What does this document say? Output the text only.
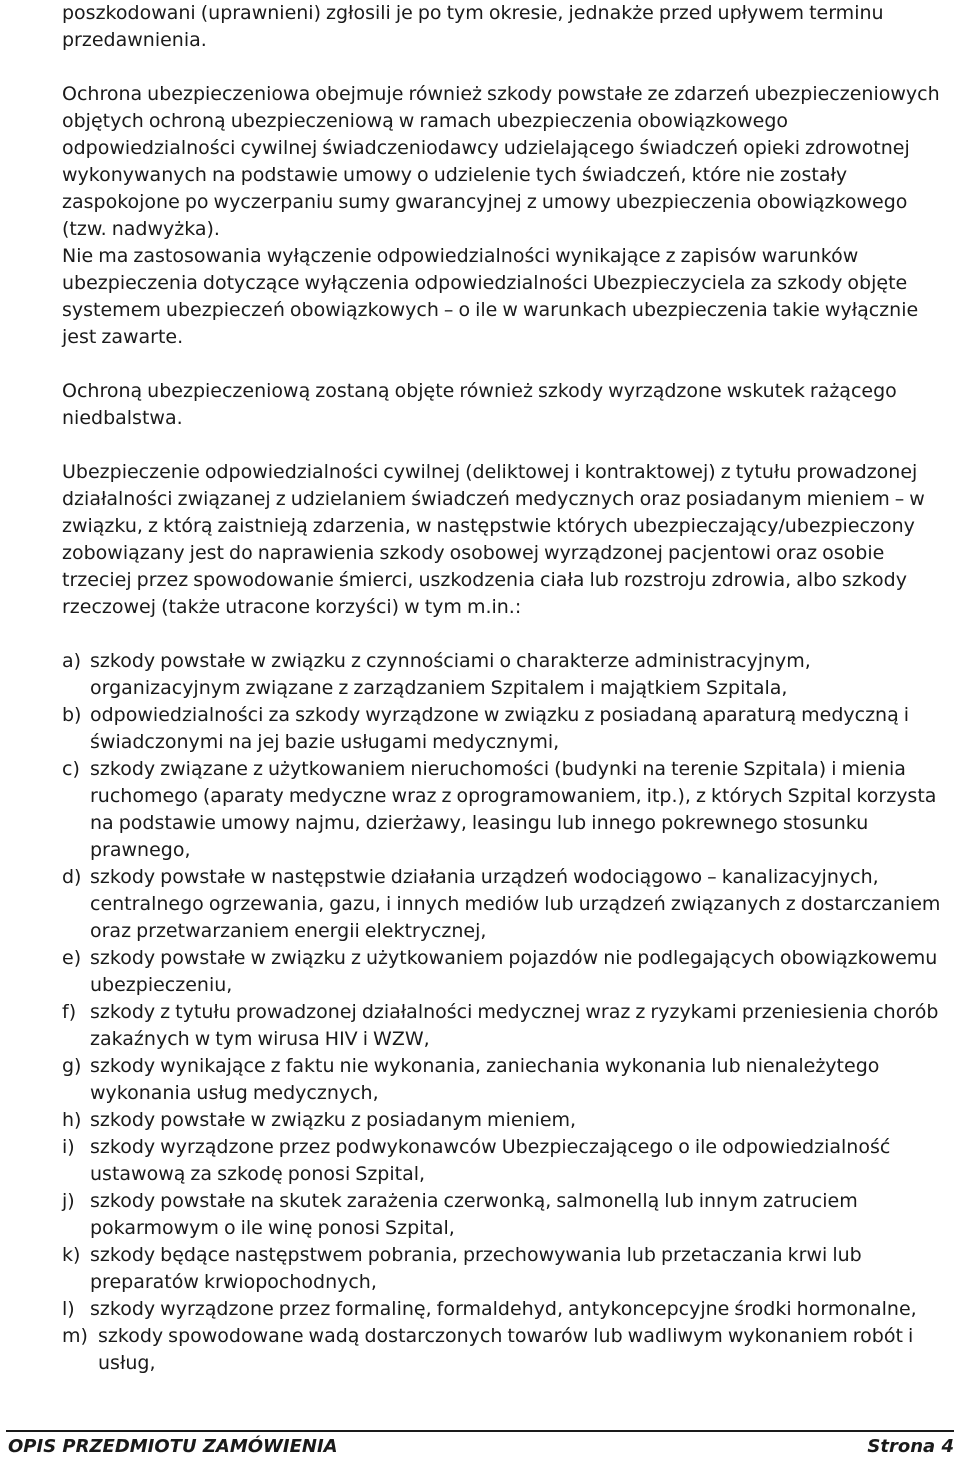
poszkodowani (uprawnieni) zgłosili je po tym okresie, jednakże przed upływem terminu przedawnienia.

Ochrona ubezpieczeniowa obejmuje również szkody powstałe ze zdarzeń ubezpieczeniowych objętych ochroną ubezpieczeniową w ramach ubezpieczenia obowiązkowego odpowiedzialności cywilnej świadczeniodawcy udzielającego świadczeń opieki zdrowotnej wykonywanych na podstawie umowy o udzielenie tych świadczeń, które nie zostały zaspokojone po wyczerpaniu sumy gwarancyjnej z umowy ubezpieczenia obowiązkowego (tzw. nadwyżka).

Nie ma zastosowania wyłączenie odpowiedzialności wynikające z zapisów warunków ubezpieczenia dotyczące wyłączenia odpowiedzialności Ubezpieczyciela za szkody objęte systemem ubezpieczeń obowiązkowych – o ile w warunkach ubezpieczenia takie wyłącznie jest zawarte.

Ochroną ubezpieczeniową zostaną objęte również szkody wyrządzone wskutek rażącego niedbalstwa.

Ubezpieczenie odpowiedzialności cywilnej (deliktowej i kontraktowej) z tytułu prowadzonej działalności związanej z udzielaniem świadczeń medycznych oraz posiadanym mieniem – w związku, z którą zaistnieją zdarzenia, w następstwie których ubezpieczający/ubezpieczony zobowiązany jest do naprawienia szkody osobowej wyrządzonej pacjentowi oraz osobie trzeciej przez spowodowanie śmierci, uszkodzenia ciała lub rozstroju zdrowia, albo szkody rzeczowej (także utracone korzyści) w tym m.in.:

a) szkody powstałe w związku z czynnościami o charakterze administracyjnym, organizacyjnym związane z zarządzaniem Szpitalem i majątkiem Szpitala,
b) odpowiedzialności za szkody wyrządzone w związku z posiadaną aparaturą medyczną i świadczonymi na jej bazie usługami medycznymi,
c) szkody związane z użytkowaniem nieruchomości (budynki na terenie Szpitala) i mienia ruchomego (aparaty medyczne wraz z oprogramowaniem, itp.), z których Szpital korzysta na podstawie umowy najmu, dzierżawy, leasingu lub innego pokrewnego stosunku prawnego,
d) szkody powstałe w następstwie działania urządzeń wodociągowo – kanalizacyjnych, centralnego ogrzewania, gazu, i innych mediów lub urządzeń związanych z dostarczaniem oraz przetwarzaniem energii elektrycznej,
e) szkody powstałe w związku z użytkowaniem pojazdów nie podlegających obowiązkowemu ubezpieczeniu,
f) szkody z tytułu prowadzonej działalności medycznej wraz z ryzykami przeniesienia chorób zakaźnych w tym wirusa HIV i WZW,
g) szkody wynikające z faktu nie wykonania, zaniechania wykonania lub nienależytego wykonania usług medycznych,
h) szkody powstałe w związku z posiadanym mieniem,
i) szkody wyrządzone przez podwykonawców Ubezpieczającego o ile odpowiedzialność ustawową za szkodę ponosi Szpital,
j) szkody powstałe na skutek zarażenia czerwonką, salmonellą lub innym zatruciem pokarmowym o ile winę ponosi Szpital,
k) szkody będące następstwem pobrania, przechowywania lub przetaczania krwi lub preparatów krwiopochodnych,
l) szkody wyrządzone przez formalinę, formaldehyd, antykoncepcyjne środki hormonalne,
m) szkody spowodowane wadą dostarczonych towarów lub wadliwym wykonaniem robót i usług,
OPIS PRZEDMIOTU ZAMÓWIENIA	Strona 4
